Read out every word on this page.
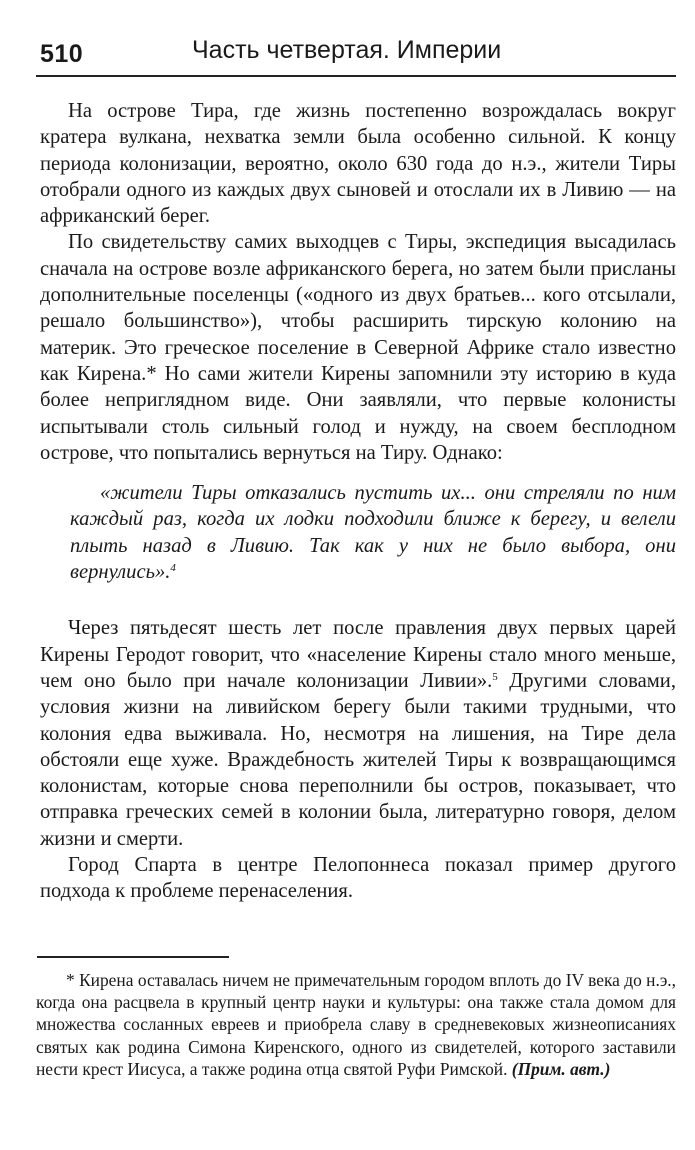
510	Часть четвертая. Империи

На острове Тира, где жизнь постепенно возрождалась вокруг кратера вулкана, нехватка земли была особенно сильной. К концу периода колонизации, вероятно, около 630 года до н.э., жители Тиры отобрали одного из каждых двух сыновей и отослали их в Ливию — на африканский берег.

По свидетельству самих выходцев с Тиры, экспедиция высадилась сначала на острове возле африканского берега, но затем были присланы дополнительные поселенцы («одного из двух братьев... кого отсылали, решало большинство»), чтобы расширить тирскую колонию на материк. Это греческое поселение в Северной Африке стало известно как Кирена.* Но сами жители Кирены запомнили эту историю в куда более неприглядном виде. Они заявляли, что первые колонисты испытывали столь сильный голод и нужду, на своем бесплодном острове, что попытались вернуться на Тиру. Однако:

«жители Тиры отказались пустить их... они стреляли по ним каждый раз, когда их лодки подходили ближе к берегу, и велели плыть назад в Ливию. Так как у них не было выбора, они вернулись».$^4$

Через пятьдесят шесть лет после правления двух первых царей Кирены Геродот говорит, что «население Кирены стало много меньше, чем оно было при начале колонизации Ливии».$^5$ Другими словами, условия жизни на ливийском берегу были такими трудными, что колония едва выживала. Но, несмотря на лишения, на Тире дела обстояли еще хуже. Враждебность жителей Тиры к возвращающимся колонистам, которые снова переполнили бы остров, показывает, что отправка греческих семей в колонии была, литературно говоря, делом жизни и смерти.

Город Спарта в центре Пелопоннеса показал пример другого подхода к проблеме перенаселения.

* Кирена оставалась ничем не примечательным городом вплоть до IV века до н.э., когда она расцвела в крупный центр науки и культуры: она также стала домом для множества сосланных евреев и приобрела славу в средневековых жизнеописаниях святых как родина Симона Киренского, одного из свидетелей, которого заставили нести крест Иисуса, а также родина отца святой Руфи Римской. (Прим. авт.)
